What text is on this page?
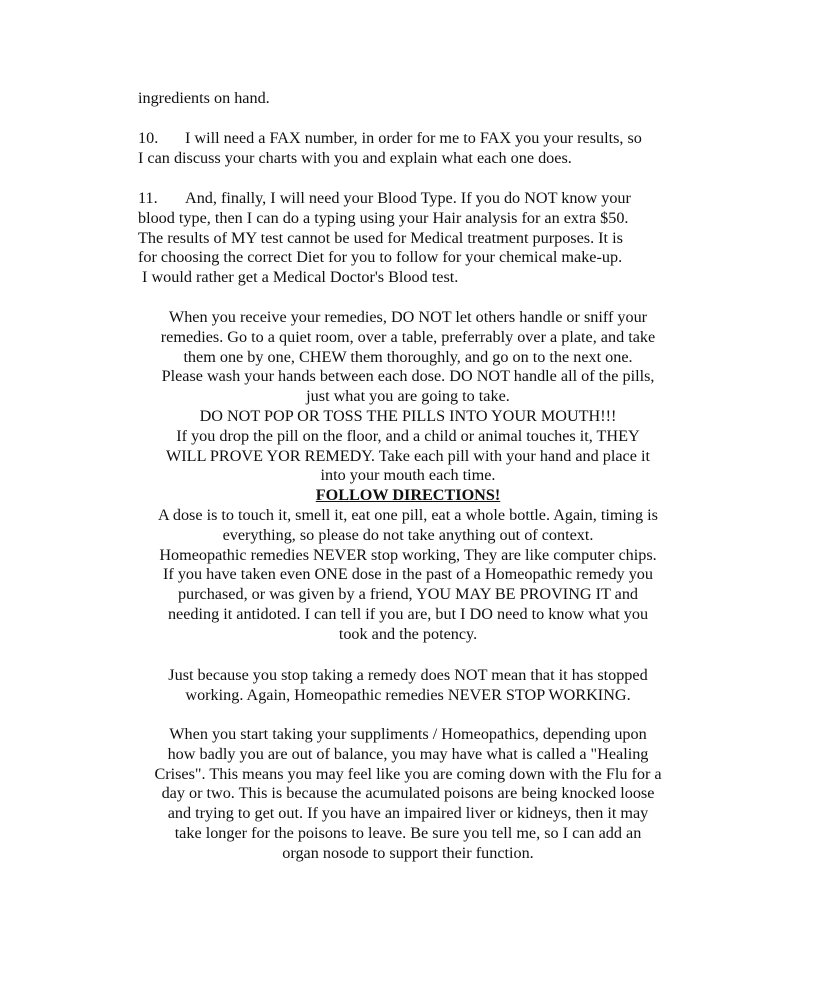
ingredients on hand.
10. I will need a FAX number, in order for me to FAX you your results, so
I can discuss your charts with you and explain what each one does.
11. And, finally, I will need your Blood Type. If you do NOT know your
blood type, then I can do a typing using your Hair analysis for an extra $50.
The results of MY test cannot be used for Medical treatment purposes. It is
for choosing the correct Diet for you to follow for your chemical make-up.
I would rather get a Medical Doctor's Blood test.
When you receive your remedies, DO NOT let others handle or sniff your
remedies. Go to a quiet room, over a table, preferrably over a plate, and take
them one by one, CHEW them thoroughly, and go on to the next one.
Please wash your hands between each dose. DO NOT handle all of the pills,
just what you are going to take.
DO NOT POP OR TOSS THE PILLS INTO YOUR MOUTH!!!
If you drop the pill on the floor, and a child or animal touches it, THEY
WILL PROVE YOR REMEDY. Take each pill with your hand and place it
into your mouth each time.
FOLLOW DIRECTIONS!
A dose is to touch it, smell it, eat one pill, eat a whole bottle. Again, timing is
everything, so please do not take anything out of context.
Homeopathic remedies NEVER stop working, They are like computer chips.
If you have taken even ONE dose in the past of a Homeopathic remedy you
purchased, or was given by a friend, YOU MAY BE PROVING IT and
needing it antidoted. I can tell if you are, but I DO need to know what you
took and the potency.
Just because you stop taking a remedy does NOT mean that it has stopped
working. Again, Homeopathic remedies NEVER STOP WORKING.
When you start taking your suppliments / Homeopathics, depending upon
how badly you are out of balance, you may have what is called a "Healing
Crises". This means you may feel like you are coming down with the Flu for a
day or two. This is because the acumulated poisons are being knocked loose
and trying to get out. If you have an impaired liver or kidneys, then it may
take longer for the poisons to leave. Be sure you tell me, so I can add an
organ nosode to support their function.
